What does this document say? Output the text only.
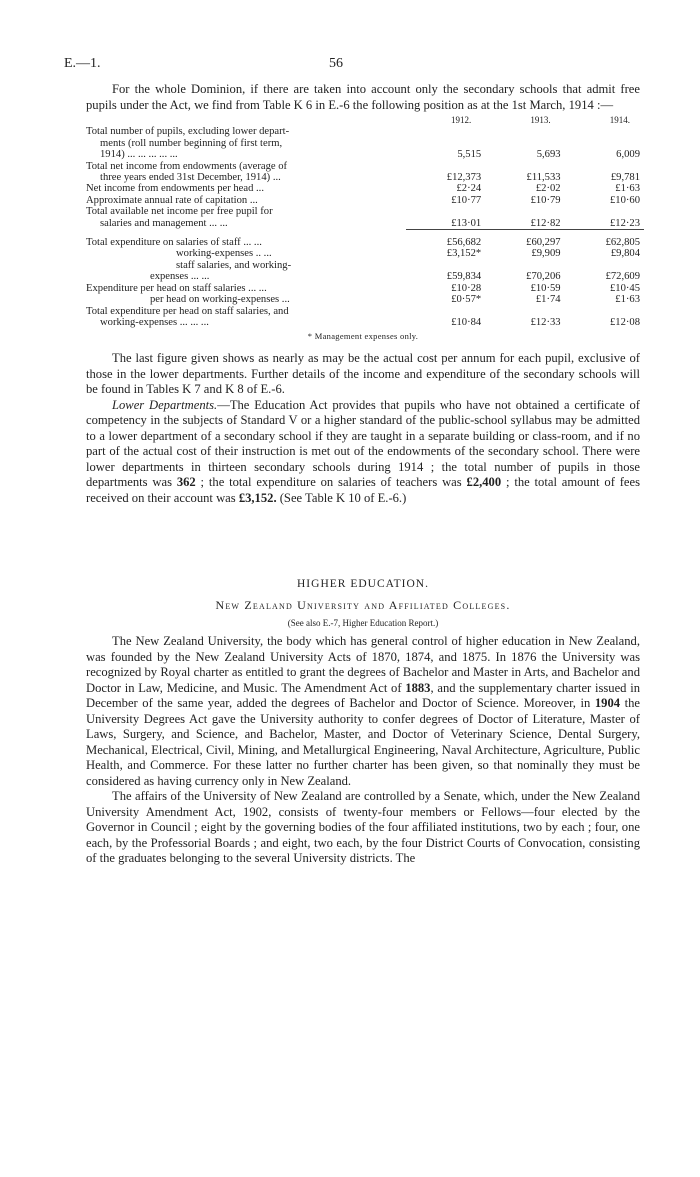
E.—1.	56

For the whole Dominion, if there are taken into account only the secondary schools that admit free pupils under the Act, we find from Table K 6 in E.-6 the following position as at the 1st March, 1914 :—

	1912.	1913.	1914.
Total number of pupils, excluding lower depart-			
ments (roll number beginning of first term,			
1914) ... ... ... ... ...	5,515	5,693	6,009
Total net income from endowments (average of			
three years ended 31st December, 1914) ...	£12,373	£11,533	£9,781
Net income from endowments per head ...	£2·24	£2·02	£1·63
Approximate annual rate of capitation ...	£10·77	£10·79	£10·60
Total available net income per free pupil for			
salaries and management ... ...	£13·01	£12·82	£12·23

Total expenditure on salaries of staff ... ...	£56,682	£60,297	£62,805
working-expenses .. ...	£3,152*	£9,909	£9,804
staff salaries, and working-			
expenses ... ...	£59,834	£70,206	£72,609
Expenditure per head on staff salaries ... ...	£10·28	£10·59	£10·45
per head on working-expenses ...	£0·57*	£1·74	£1·63
Total expenditure per head on staff salaries, and			
working-expenses ... ... ...	£10·84	£12·33	£12·08
* Management expenses only.

The last figure given shows as nearly as may be the actual cost per annum for each pupil, exclusive of those in the lower departments. Further details of the income and expenditure of the secondary schools will be found in Tables K 7 and K 8 of E.-6.

Lower Departments.—The Education Act provides that pupils who have not obtained a certificate of competency in the subjects of Standard V or a higher standard of the public-school syllabus may be admitted to a lower department of a secondary school if they are taught in a separate building or class-room, and if no part of the actual cost of their instruction is met out of the endowments of the secondary school. There were lower departments in thirteen secondary schools during 1914 ; the total number of pupils in those departments was 362 ; the total expenditure on salaries of teachers was £2,400 ; the total amount of fees received on their account was £3,152. (See Table K 10 of E.-6.)

HIGHER EDUCATION.
New Zealand University and Affiliated Colleges.
(See also E.-7, Higher Education Report.)

The New Zealand University, the body which has general control of higher education in New Zealand, was founded by the New Zealand University Acts of 1870, 1874, and 1875. In 1876 the University was recognized by Royal charter as entitled to grant the degrees of Bachelor and Master in Arts, and Bachelor and Doctor in Law, Medicine, and Music. The Amendment Act of 1883, and the supplementary charter issued in December of the same year, added the degrees of Bachelor and Doctor of Science. Moreover, in 1904 the University Degrees Act gave the University authority to confer degrees of Doctor of Literature, Master of Laws, Surgery, and Science, and Bachelor, Master, and Doctor of Veterinary Science, Dental Surgery, Mechanical, Electrical, Civil, Mining, and Metallurgical Engineering, Naval Architecture, Agriculture, Public Health, and Commerce. For these latter no further charter has been given, so that nominally they must be considered as having currency only in New Zealand.

The affairs of the University of New Zealand are controlled by a Senate, which, under the New Zealand University Amendment Act, 1902, consists of twenty-four members or Fellows—four elected by the Governor in Council ; eight by the governing bodies of the four affiliated institutions, two by each ; four, one each, by the Professorial Boards ; and eight, two each, by the four District Courts of Convocation, consisting of the graduates belonging to the several University districts. The
